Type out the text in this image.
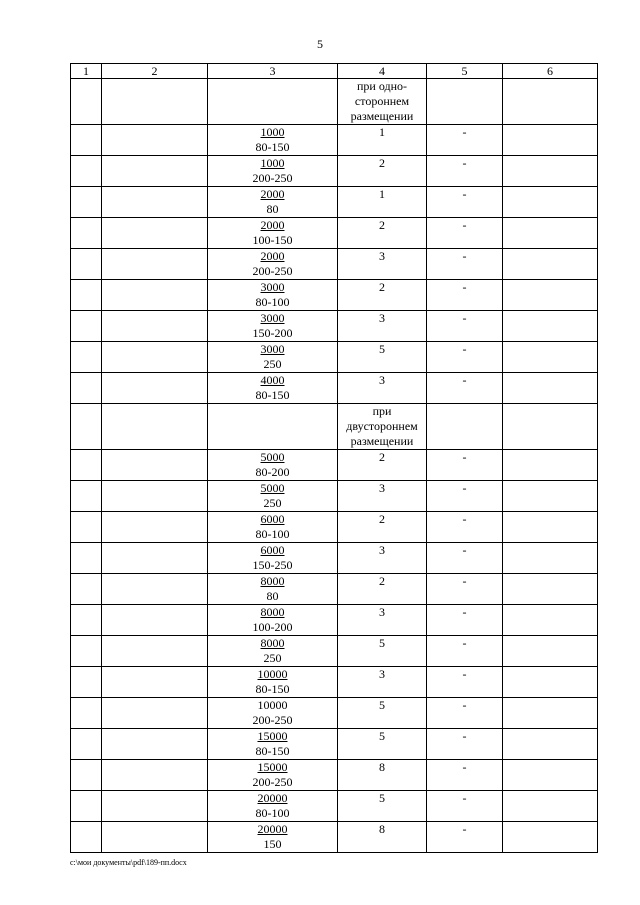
5
1	2	3	4	5	6

			при одно-
стороннем
размещении		

		1000
80-150	1	-	

		1000
200-250	2	-	

		2000
80	1	-	

		2000
100-150	2	-	

		2000
200-250	3	-	

		3000
80-100	2	-	

		3000
150-200	3	-	

		3000
250	5	-	

		4000
80-150	3	-	

			при
двустороннем
размещении		

		5000
80-200	2	-	

		5000
250	3	-	

		6000
80-100	2	-	

		6000
150-250	3	-	

		8000
80	2	-	

		8000
100-200	3	-	

		8000
250	5	-	

		10000
80-150	3	-	

		10000
200-250	5	-	

		15000
80-150	5	-	

		15000
200-250	8	-	

		20000
80-100	5	-	

		20000
150	8	-	
c:\мои документы\pdf\189-пп.docx
